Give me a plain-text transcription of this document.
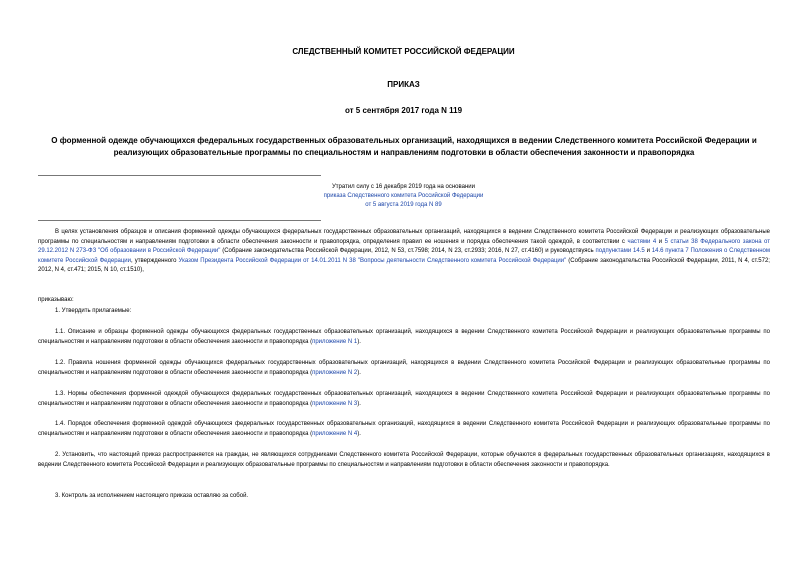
СЛЕДСТВЕННЫЙ КОМИТЕТ РОССИЙСКОЙ ФЕДЕРАЦИИ
ПРИКАЗ
от 5 сентября 2017 года N 119
О форменной одежде обучающихся федеральных государственных образовательных организаций, находящихся в ведении Следственного комитета Российской Федерации и реализующих образовательные программы по специальностям и направлениям подготовки в области обеспечения законности и правопорядка
Утратил силу с 16 декабря 2019 года на основании
приказа Следственного комитета Российской Федерации
от 5 августа 2019 года N 89
В целях установления образцов и описания форменной одежды обучающихся федеральных государственных образовательных организаций, находящихся в ведении Следственного комитета Российской Федерации и реализующих образовательные программы по специальностям и направлениям подготовки в области обеспечения законности и правопорядка, определения правил ее ношения и порядка обеспечения такой одеждой, в соответствии с частями 4 и 5 статьи 38 Федерального закона от 29.12.2012 N 273-ФЗ "Об образовании в Российской Федерации" (Собрание законодательства Российской Федерации, 2012, N 53, ст.7598; 2014, N 23, ст.2933; 2016, N 27, ст.4160) и руководствуясь подпунктами 14.5 и 14.6 пункта 7 Положения о Следственном комитете Российской Федерации, утвержденного Указом Президента Российской Федерации от 14.01.2011 N 38 "Вопросы деятельности Следственного комитета Российской Федерации" (Собрание законодательства Российской Федерации, 2011, N 4, ст.572; 2012, N 4, ст.471; 2015, N 10, ст.1510),
приказываю:
1. Утвердить прилагаемые:
1.1. Описание и образцы форменной одежды обучающихся федеральных государственных образовательных организаций, находящихся в ведении Следственного комитета Российской Федерации и реализующих образовательные программы по специальностям и направлениям подготовки в области обеспечения законности и правопорядка (приложение N 1).
1.2. Правила ношения форменной одежды обучающихся федеральных государственных образовательных организаций, находящихся в ведении Следственного комитета Российской Федерации и реализующих образовательные программы по специальностям и направлениям подготовки в области обеспечения законности и правопорядка (приложение N 2).
1.3. Нормы обеспечения форменной одеждой обучающихся федеральных государственных образовательных организаций, находящихся в ведении Следственного комитета Российской Федерации и реализующих образовательные программы по специальностям и направлениям подготовки в области обеспечения законности и правопорядка (приложение N 3).
1.4. Порядок обеспечения форменной одеждой обучающихся федеральных государственных образовательных организаций, находящихся в ведении Следственного комитета Российской Федерации и реализующих образовательные программы по специальностям и направлениям подготовки в области обеспечения законности и правопорядка (приложение N 4).
2. Установить, что настоящий приказ распространяется на граждан, не являющихся сотрудниками Следственного комитета Российской Федерации, которые обучаются в федеральных государственных образовательных организациях, находящихся в ведении Следственного комитета Российской Федерации и реализующих образовательные программы по специальностям и направлениям подготовки в области обеспечения законности и правопорядка.
3. Контроль за исполнением настоящего приказа оставляю за собой.
